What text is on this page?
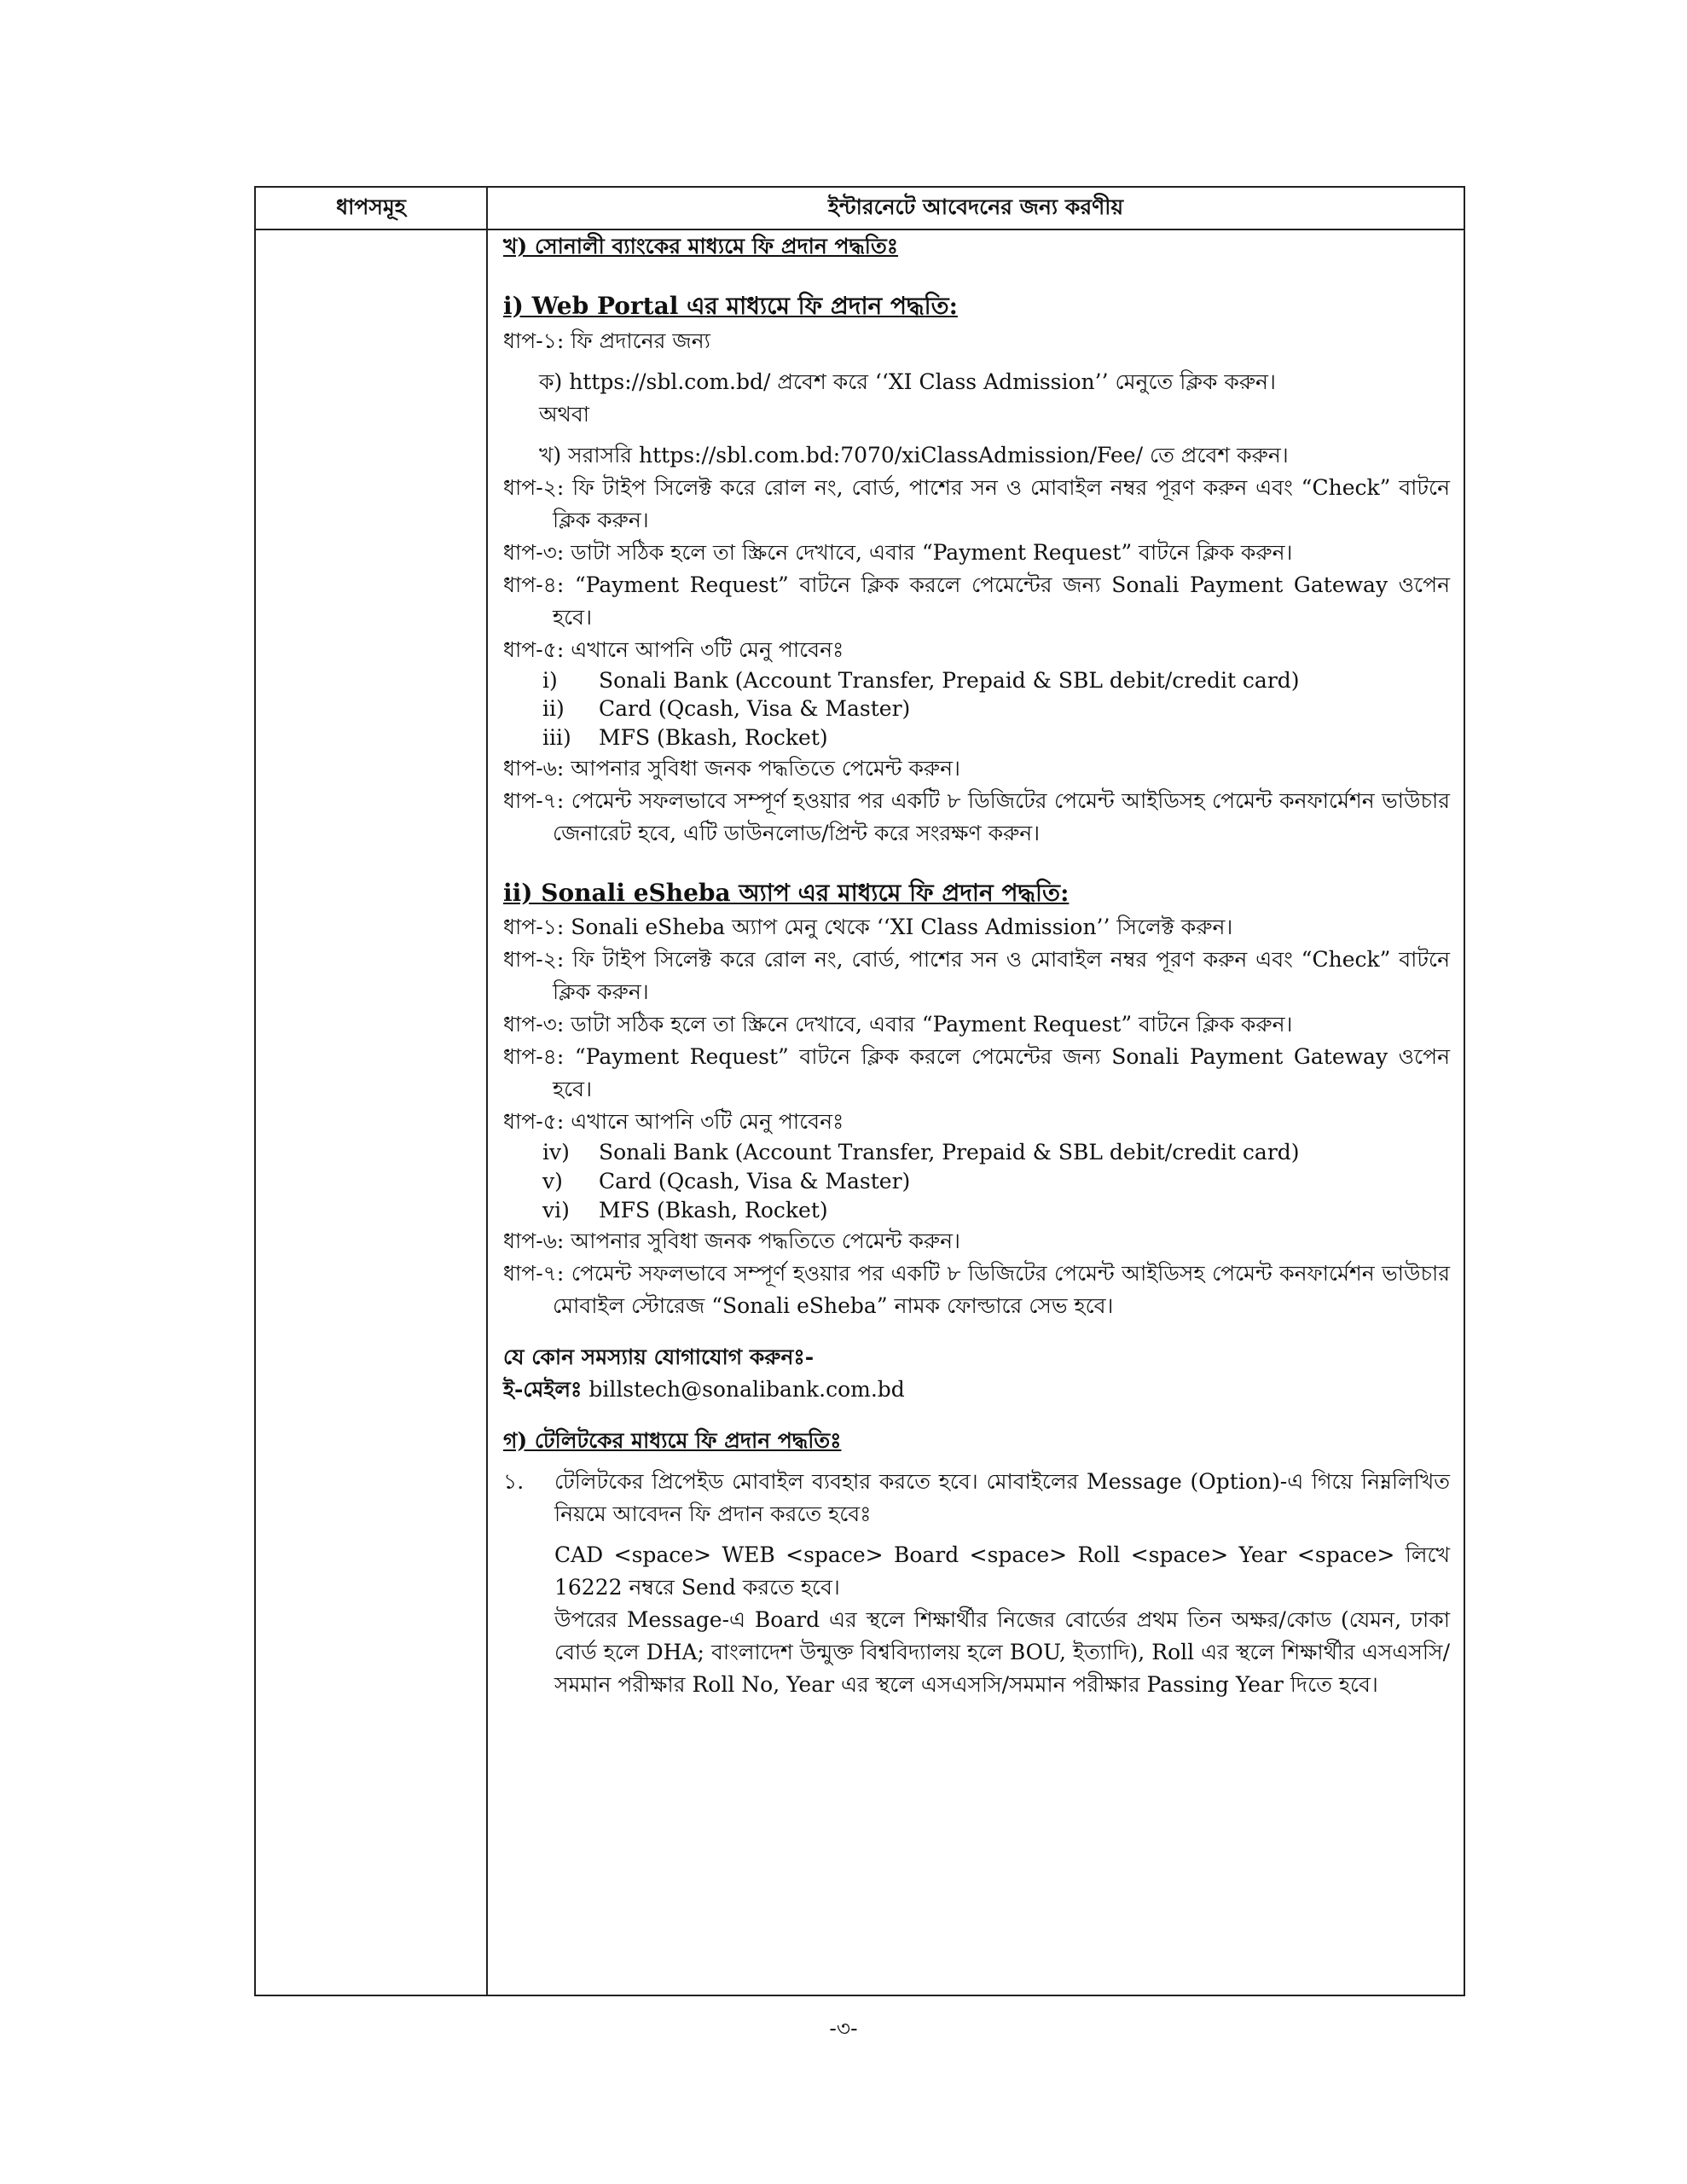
ধাপসমূহ	ইন্টারনেটে আবেদনের জন্য করণীয়

খ) সোনালী ব্যাংকের মাধ্যমে ফি প্রদান পদ্ধতিঃ

i) Web Portal এর মাধ্যমে ফি প্রদান পদ্ধতি:

ধাপ-১: ফি প্রদানের জন্য

ক) https://sbl.com.bd/ প্রবেশ করে ‘‘XI Class Admission’’ মেনুতে ক্লিক করুন।

অথবা

খ) সরাসরি https://sbl.com.bd:7070/xiClassAdmission/Fee/ তে প্রবেশ করুন।

ধাপ-২: ফি টাইপ সিলেক্ট করে রোল নং, বোর্ড, পাশের সন ও মোবাইল নম্বর পূরণ করুন এবং “Check” বাটনে ক্লিক করুন।

ধাপ-৩: ডাটা সঠিক হলে তা স্ক্রিনে দেখাবে, এবার “Payment Request” বাটনে ক্লিক করুন।

ধাপ-৪: “Payment Request” বাটনে ক্লিক করলে পেমেন্টের জন্য Sonali Payment Gateway ওপেন হবে।

ধাপ-৫: এখানে আপনি ৩টি মেনু পাবেনঃ

i)	Sonali Bank (Account Transfer, Prepaid & SBL debit/credit card)
ii)	Card (Qcash, Visa & Master)
iii)	MFS (Bkash, Rocket)

ধাপ-৬: আপনার সুবিধা জনক পদ্ধতিতে পেমেন্ট করুন।

ধাপ-৭: পেমেন্ট সফলভাবে সম্পূর্ণ হওয়ার পর একটি ৮ ডিজিটের পেমেন্ট আইডিসহ পেমেন্ট কনফার্মেশন ভাউচার জেনারেট হবে, এটি ডাউনলোড/প্রিন্ট করে সংরক্ষণ করুন।

ii) Sonali eSheba অ্যাপ এর মাধ্যমে ফি প্রদান পদ্ধতি:

ধাপ-১: Sonali eSheba অ্যাপ মেনু থেকে ‘‘XI Class Admission’’ সিলেক্ট করুন।

ধাপ-২: ফি টাইপ সিলেক্ট করে রোল নং, বোর্ড, পাশের সন ও মোবাইল নম্বর পূরণ করুন এবং “Check” বাটনে ক্লিক করুন।

ধাপ-৩: ডাটা সঠিক হলে তা স্ক্রিনে দেখাবে, এবার “Payment Request” বাটনে ক্লিক করুন।

ধাপ-৪: “Payment Request” বাটনে ক্লিক করলে পেমেন্টের জন্য Sonali Payment Gateway ওপেন হবে।

ধাপ-৫: এখানে আপনি ৩টি মেনু পাবেনঃ

iv)	Sonali Bank (Account Transfer, Prepaid & SBL debit/credit card)
v)	Card (Qcash, Visa & Master)
vi)	MFS (Bkash, Rocket)

ধাপ-৬: আপনার সুবিধা জনক পদ্ধতিতে পেমেন্ট করুন।

ধাপ-৭: পেমেন্ট সফলভাবে সম্পূর্ণ হওয়ার পর একটি ৮ ডিজিটের পেমেন্ট আইডিসহ পেমেন্ট কনফার্মেশন ভাউচার মোবাইল স্টোরেজ “Sonali eSheba” নামক ফোল্ডারে সেভ হবে।

যে কোন সমস্যায় যোগাযোগ করুনঃ-

ই-মেইলঃ billstech@sonalibank.com.bd

গ) টেলিটকের মাধ্যমে ফি প্রদান পদ্ধতিঃ

১.	টেলিটকের প্রিপেইড মোবাইল ব্যবহার করতে হবে। মোবাইলের Message (Option)-এ গিয়ে নিম্নলিখিত নিয়মে আবেদন ফি প্রদান করতে হবেঃ

CAD <space> WEB <space> Board <space> Roll <space> Year <space> লিখে 16222 নম্বরে Send করতে হবে।

উপরের Message-এ Board এর স্থলে শিক্ষার্থীর নিজের বোর্ডের প্রথম তিন অক্ষর/কোড (যেমন, ঢাকা বোর্ড হলে DHA; বাংলাদেশ উন্মুক্ত বিশ্ববিদ্যালয় হলে BOU, ইত্যাদি), Roll এর স্থলে শিক্ষার্থীর এসএসসি/সমমান পরীক্ষার Roll No, Year এর স্থলে এসএসসি/সমমান পরীক্ষার Passing Year দিতে হবে।

-৩-
